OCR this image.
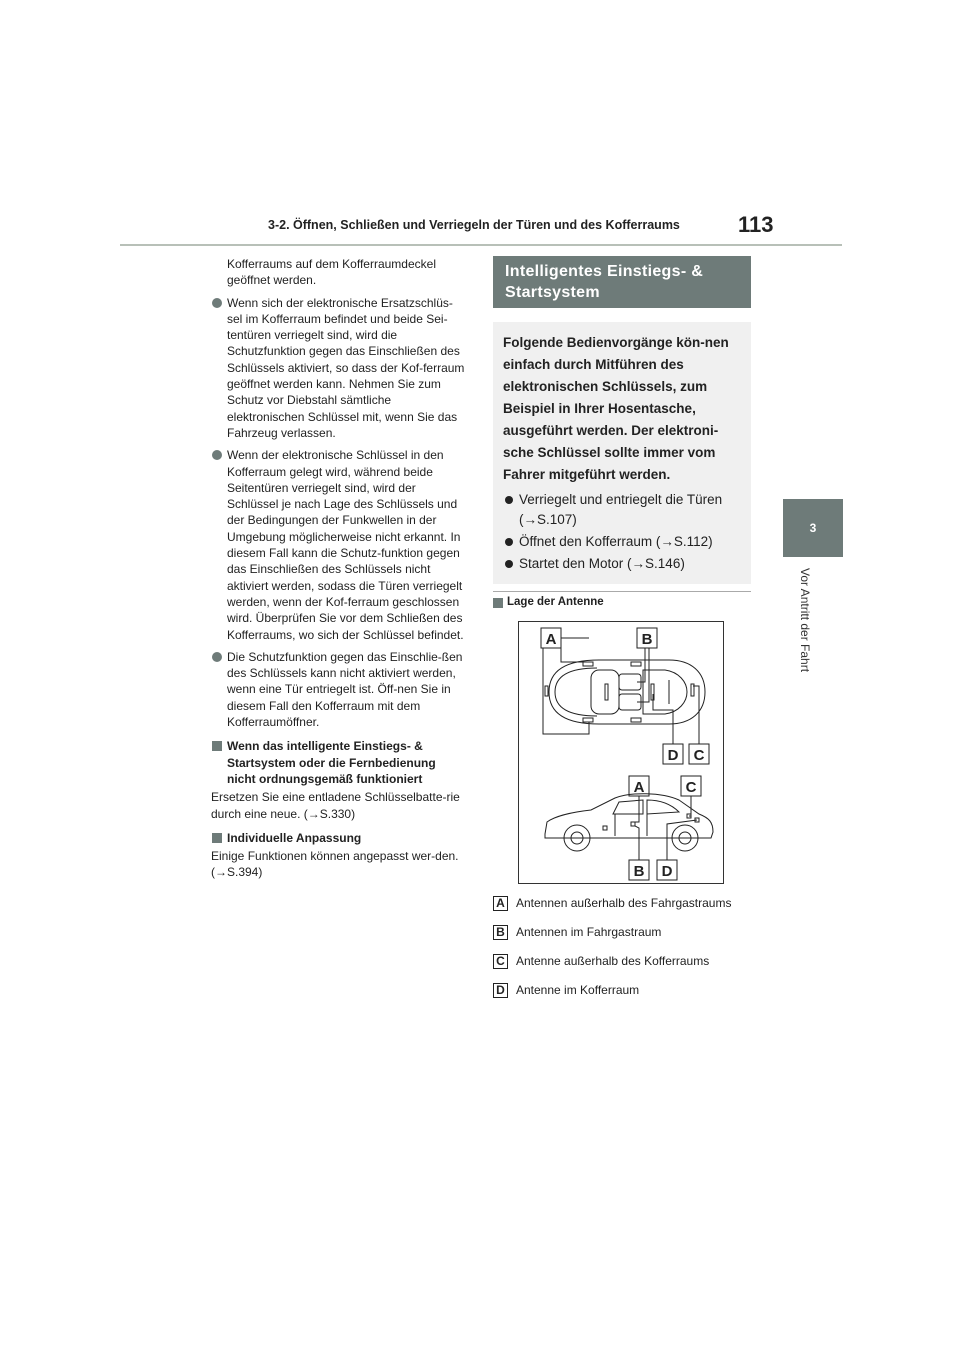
3-2. Öffnen, Schließen und Verriegeln der Türen und des Kofferraums	113
3
Vor Antritt der Fahrt

Kofferraums auf dem Kofferraumdeckel geöffnet werden.

Wenn sich der elektronische Ersatzschlüs-sel im Kofferraum befindet und beide Sei-tentüren verriegelt sind, wird die Schutzfunktion gegen das Einschließen des Schlüssels aktiviert, so dass der Kof-ferraum geöffnet werden kann. Nehmen Sie zum Schutz vor Diebstahl sämtliche elektronischen Schlüssel mit, wenn Sie das Fahrzeug verlassen.

Wenn der elektronische Schlüssel in den Kofferraum gelegt wird, während beide Seitentüren verriegelt sind, wird der Schlüssel je nach Lage des Schlüssels und der Bedingungen der Funkwellen in der Umgebung möglicherweise nicht erkannt. In diesem Fall kann die Schutz-funktion gegen das Einschließen des Schlüssels nicht aktiviert werden, sodass die Türen verriegelt werden, wenn der Kof-ferraum geschlossen wird. Überprüfen Sie vor dem Schließen des Kofferraums, wo sich der Schlüssel befindet.

Die Schutzfunktion gegen das Einschlie-ßen des Schlüssels kann nicht aktiviert werden, wenn eine Tür entriegelt ist. Öff-nen Sie in diesem Fall den Kofferraum mit dem Kofferraumöffner.

Wenn das intelligente Einstiegs- & Startsystem oder die Fernbedienung nicht ordnungsgemäß funktioniert

Ersetzen Sie eine entladene Schlüsselbatte-rie durch eine neue. (→S.330)

Individuelle Anpassung

Einige Funktionen können angepasst wer-den. (→S.394)

Intelligentes Einstiegs- & Startsystem

Folgende Bedienvorgänge kön-nen einfach durch Mitführen des elektronischen Schlüssels, zum Beispiel in Ihrer Hosentasche, ausgeführt werden. Der elektroni-sche Schlüssel sollte immer vom Fahrer mitgeführt werden.

Verriegelt und entriegelt die Türen (→S.107)
Öffnet den Kofferraum (→S.112)
Startet den Motor (→S.146)
Lage der Antenne
A	B
D C
A	C
B D
A Antennen außerhalb des Fahrgastraums
B Antennen im Fahrgastraum
C Antenne außerhalb des Kofferraums
D Antenne im Kofferraum
